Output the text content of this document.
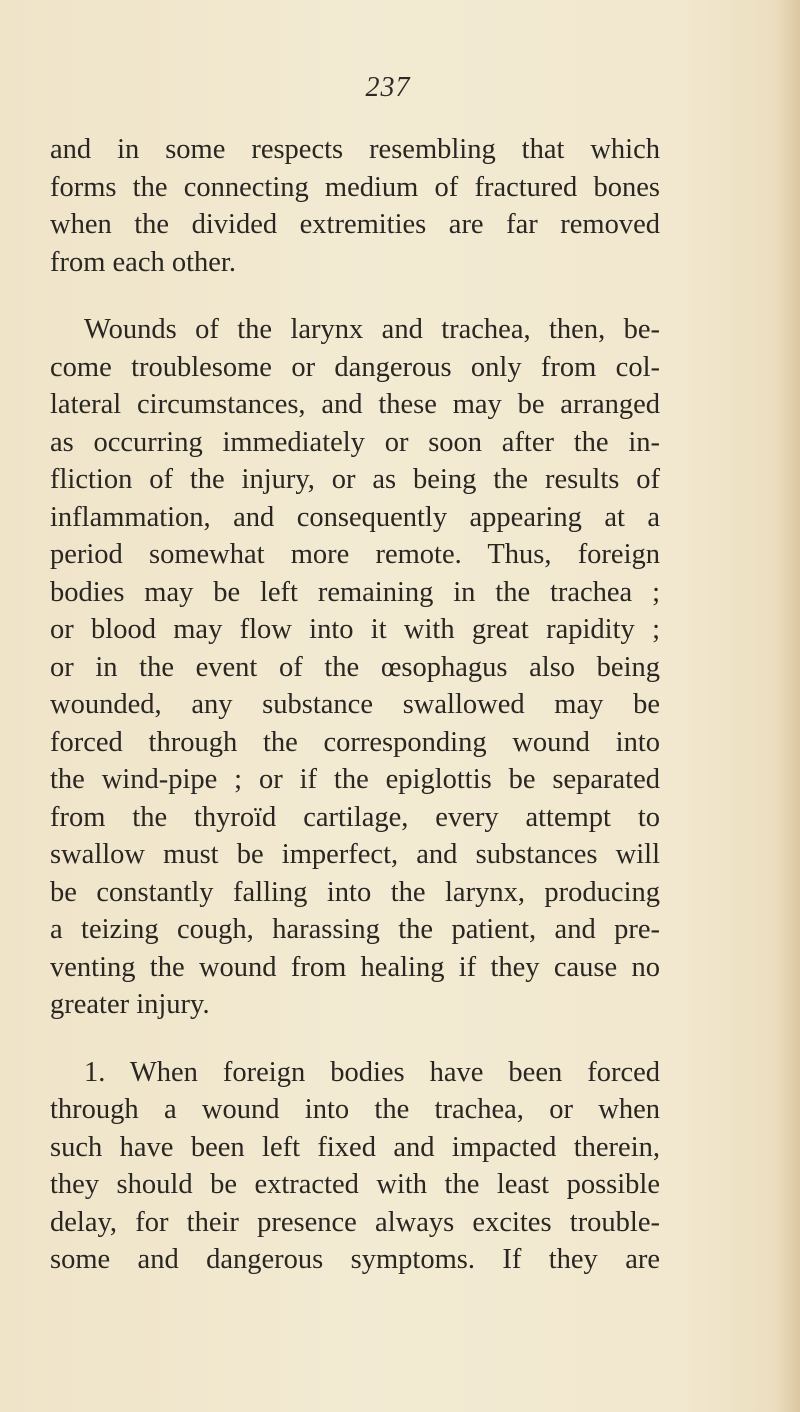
237

and in some respects resembling that which
forms the connecting medium of fractured bones
when the divided extremities are far removed
from each other.

Wounds of the larynx and trachea, then, be-
come troublesome or dangerous only from col-
lateral circumstances, and these may be arranged
as occurring immediately or soon after the in-
fliction of the injury, or as being the results of
inflammation, and consequently appearing at a
period somewhat more remote. Thus, foreign
bodies may be left remaining in the trachea ;
or blood may flow into it with great rapidity ;
or in the event of the œsophagus also being
wounded, any substance swallowed may be
forced through the corresponding wound into
the wind-pipe ; or if the epiglottis be separated
from the thyroïd cartilage, every attempt to
swallow must be imperfect, and substances will
be constantly falling into the larynx, producing
a teizing cough, harassing the patient, and pre-
venting the wound from healing if they cause no
greater injury.

1. When foreign bodies have been forced
through a wound into the trachea, or when
such have been left fixed and impacted therein,
they should be extracted with the least possible
delay, for their presence always excites trouble-
some and dangerous symptoms. If they are
